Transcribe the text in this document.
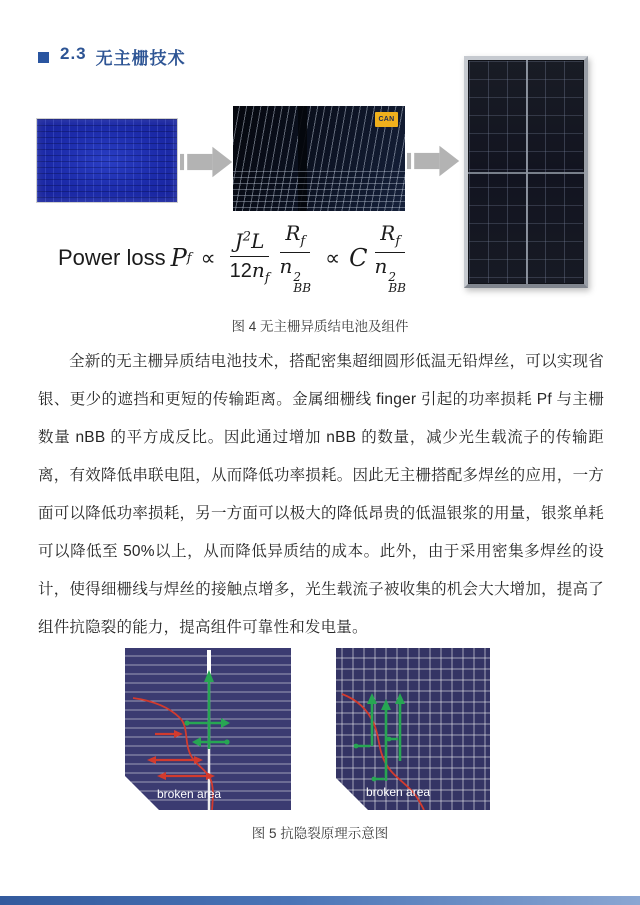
2.3 无主栅技术
CAN
Power loss P $f \propto \frac{J^2L}{12n_f} R_f$
n 2
BB ∝ C $R_f$
n 2
BB
图 4 无主栅异质结电池及组件

全新的无主栅异质结电池技术，搭配密集超细圆形低温无铅焊丝，可以实现省银、更少的遮挡和更短的传输距离。金属细栅线 finger 引起的功率损耗 Pf 与主栅数量 nBB 的平方成反比。因此通过增加 nBB 的数量，减少光生载流子的传输距离，有效降低串联电阻，从而降低功率损耗。因此无主栅搭配多焊丝的应用，一方面可以降低功率损耗，另一方面可以极大的降低昂贵的低温银浆的用量，银浆单耗可以降低至 50%以上，从而降低异质结的成本。此外，由于采用密集多焊丝的设计，使得细栅线与焊丝的接触点增多，光生载流子被收集的机会大大增加，提高了组件抗隐裂的能力，提高组件可靠性和发电量。

broken area	broken area
图 5 抗隐裂原理示意图
